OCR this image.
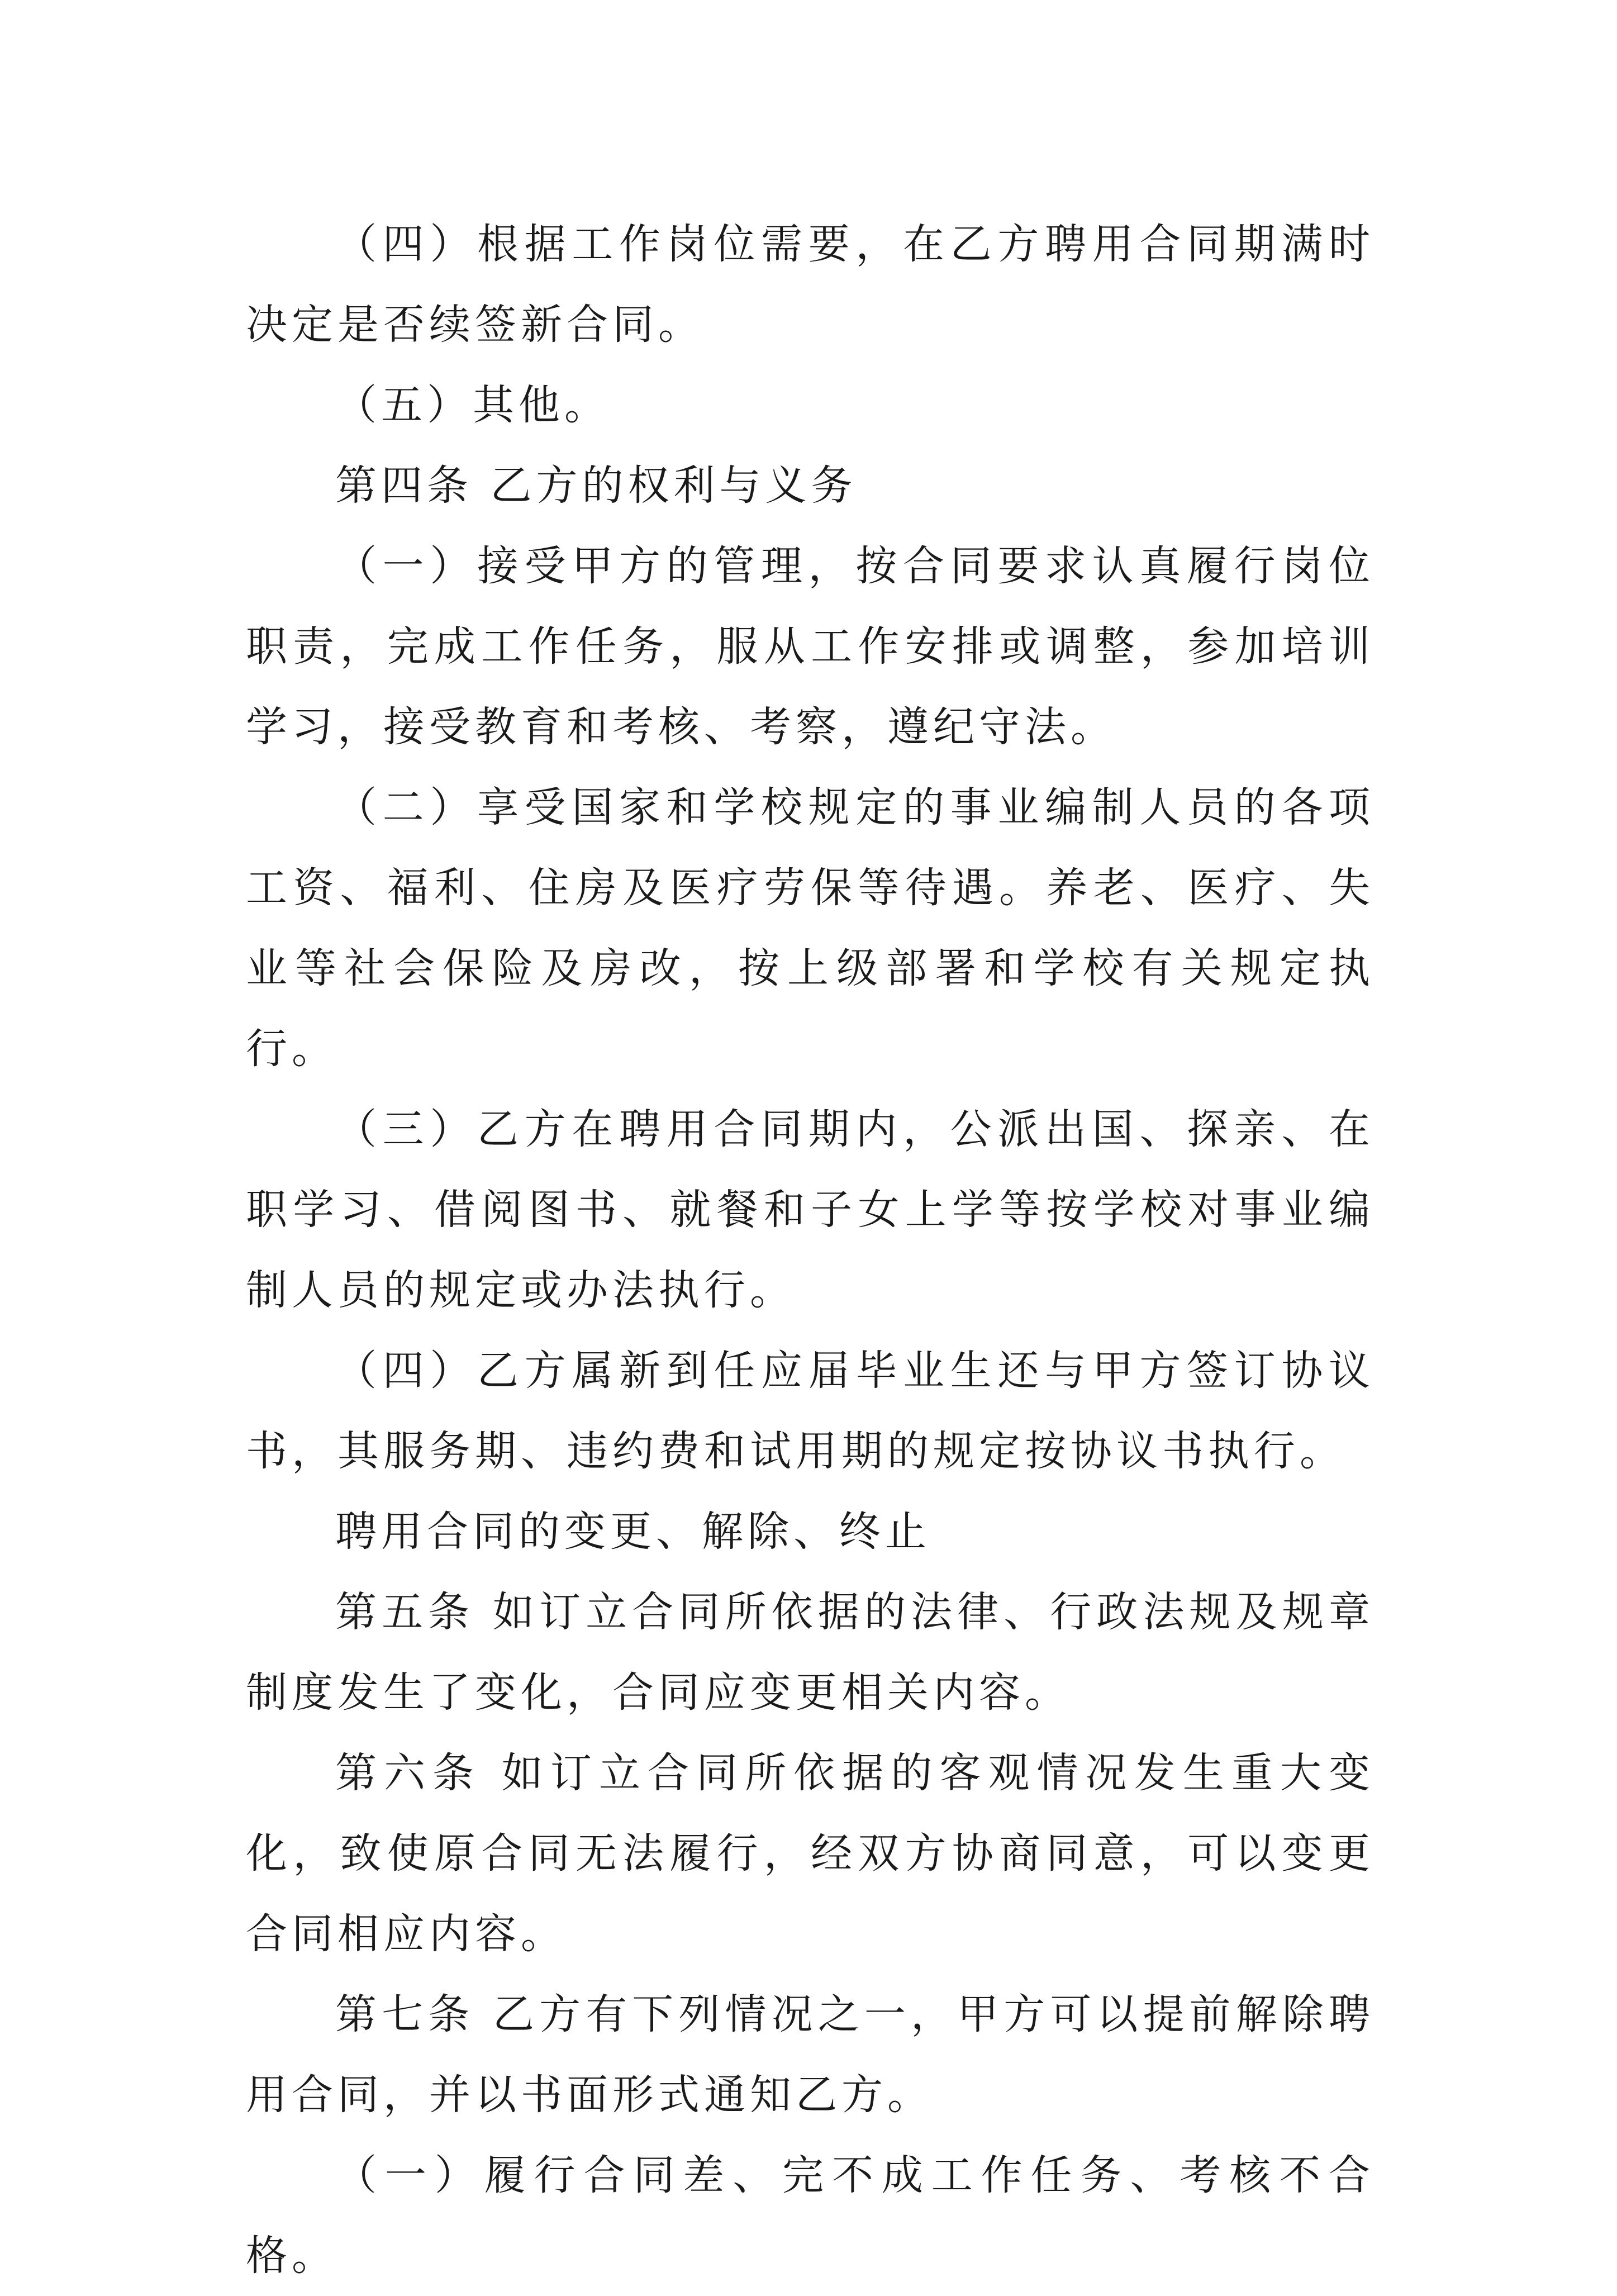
（四）根据工作岗位需要，在乙方聘用合同期满时决定是否续签新合同。

（五）其他。

第四条 乙方的权利与义务

（一）接受甲方的管理，按合同要求认真履行岗位职责，完成工作任务，服从工作安排或调整，参加培训学习，接受教育和考核、考察，遵纪守法。

（二）享受国家和学校规定的事业编制人员的各项工资、福利、住房及医疗劳保等待遇。养老、医疗、失业等社会保险及房改，按上级部署和学校有关规定执行。

（三）乙方在聘用合同期内，公派出国、探亲、在职学习、借阅图书、就餐和子女上学等按学校对事业编制人员的规定或办法执行。

（四）乙方属新到任应届毕业生还与甲方签订协议书，其服务期、违约费和试用期的规定按协议书执行。

聘用合同的变更、解除、终止

第五条 如订立合同所依据的法律、行政法规及规章制度发生了变化，合同应变更相关内容。

第六条 如订立合同所依据的客观情况发生重大变化，致使原合同无法履行，经双方协商同意，可以变更合同相应内容。

第七条 乙方有下列情况之一，甲方可以提前解除聘用合同，并以书面形式通知乙方。

（一）履行合同差、完不成工作任务、考核不合格。
